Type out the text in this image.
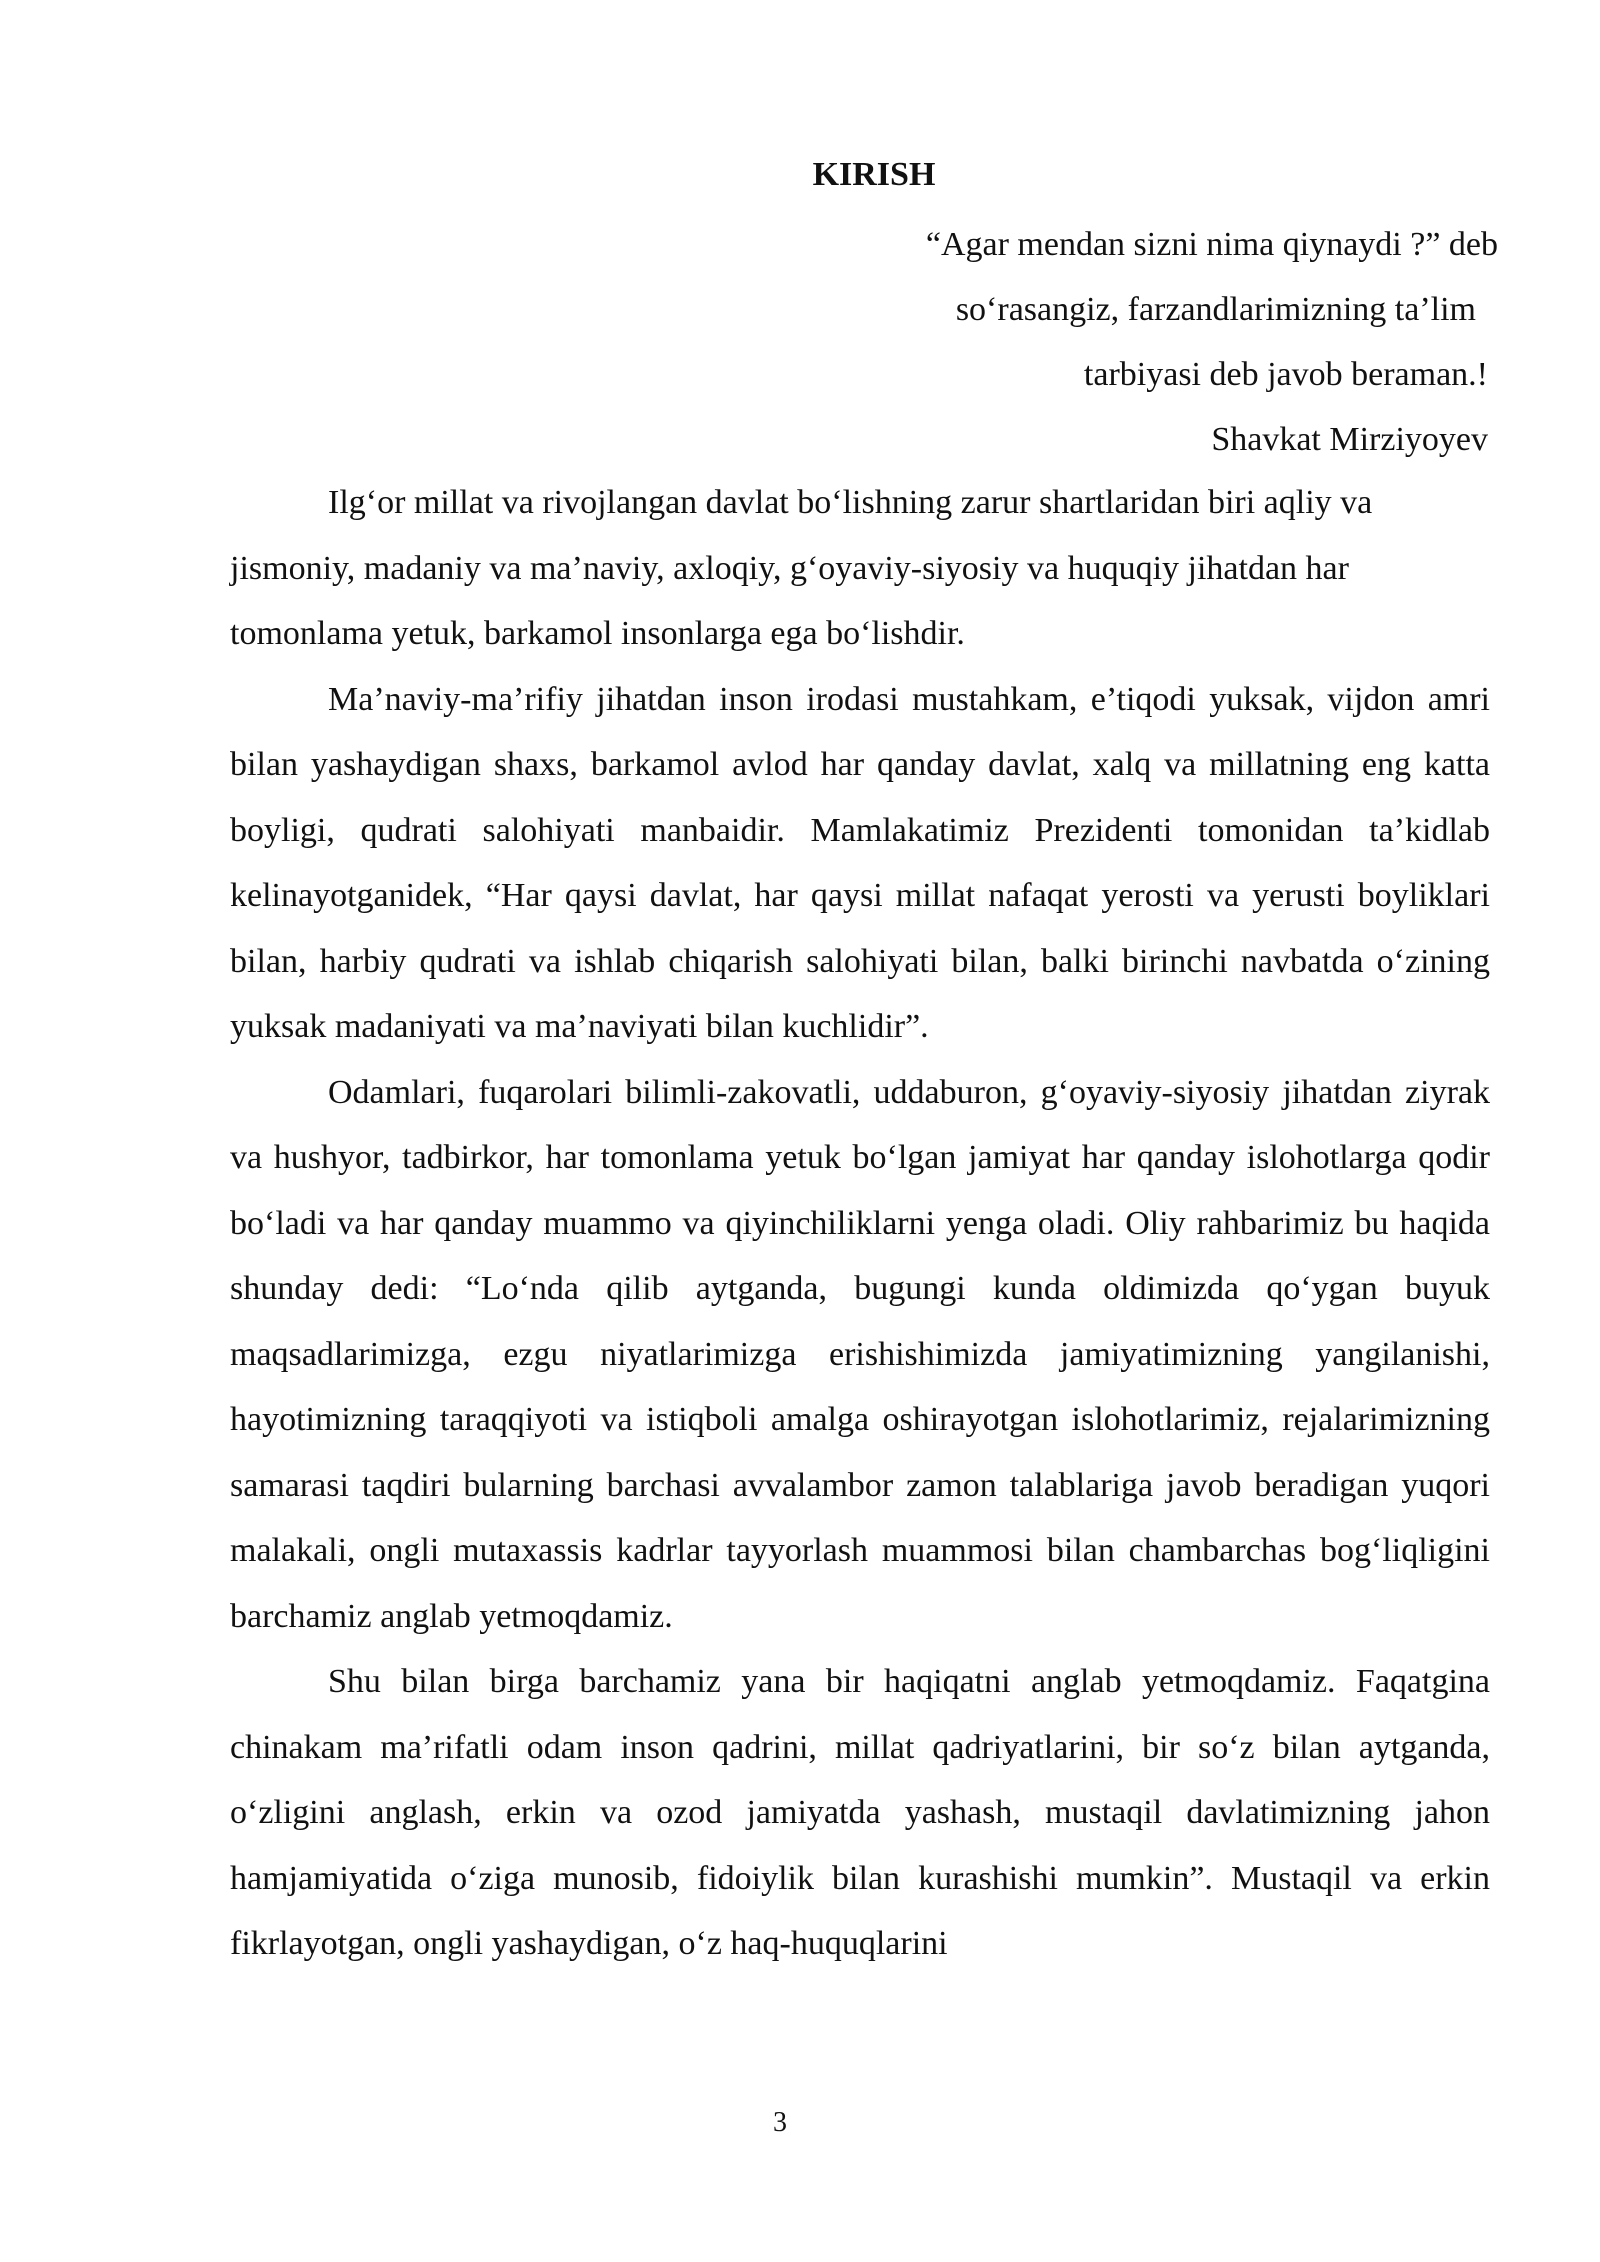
KIRISH
“Agar mendan sizni nima qiynaydi ?” deb
so‘rasangiz, farzandlarimizning ta’lim
tarbiyasi deb javob beraman.!
Shavkat Mirziyoyev

Ilg‘or millat va rivojlangan davlat bo‘lishning zarur shartlaridan biri aqliy va jismoniy, madaniy va ma’naviy, axloqiy, g‘oyaviy-siyosiy va huquqiy jihatdan har tomonlama yetuk, barkamol insonlarga ega bo‘lishdir.

Ma’naviy-ma’rifiy jihatdan inson irodasi mustahkam, e’tiqodi yuksak, vijdon amri bilan yashaydigan shaxs, barkamol avlod har qanday davlat, xalq va millatning eng katta boyligi, qudrati salohiyati manbaidir. Mamlakatimiz Prezidenti tomonidan ta’kidlab kelinayotganidek, “Har qaysi davlat, har qaysi millat nafaqat yerosti va yerusti boyliklari bilan, harbiy qudrati va ishlab chiqarish salohiyati bilan, balki birinchi navbatda o‘zining yuksak madaniyati va ma’naviyati bilan kuchlidir”.

Odamlari, fuqarolari bilimli-zakovatli, uddaburon, g‘oyaviy-siyosiy jihatdan ziyrak va hushyor, tadbirkor, har tomonlama yetuk bo‘lgan jamiyat har qanday islohotlarga qodir bo‘ladi va har qanday muammo va qiyinchiliklarni yenga oladi. Oliy rahbarimiz bu haqida shunday dedi: “Lo‘nda qilib aytganda, bugungi kunda oldimizda qo‘ygan buyuk maqsadlarimizga, ezgu niyatlarimizga erishishimizda jamiyatimizning yangilanishi, hayotimizning taraqqiyoti va istiqboli amalga oshirayotgan islohotlarimiz, rejalarimizning samarasi taqdiri bularning barchasi avvalambor zamon talablariga javob beradigan yuqori malakali, ongli mutaxassis kadrlar tayyorlash muammosi bilan chambarchas bog‘liqligini barchamiz anglab yetmoqdamiz.

Shu bilan birga barchamiz yana bir haqiqatni anglab yetmoqdamiz. Faqatgina chinakam ma’rifatli odam inson qadrini, millat qadriyatlarini, bir so‘z bilan aytganda, o‘zligini anglash, erkin va ozod jamiyatda yashash, mustaqil davlatimizning jahon hamjamiyatida o‘ziga munosib, fidoiylik bilan kurashishi mumkin”. Mustaqil va erkin fikrlayotgan, ongli yashaydigan, o‘z haq-huquqlarini

3
